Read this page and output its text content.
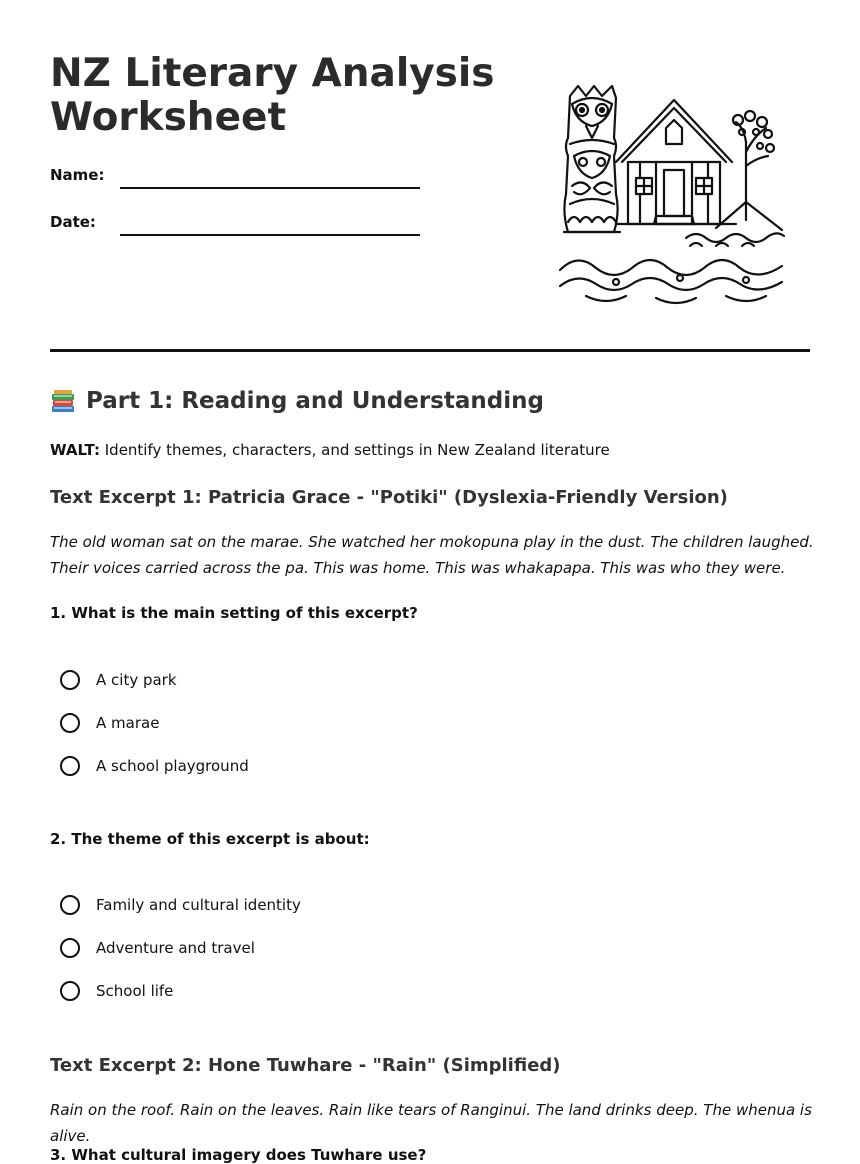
NZ Literary Analysis Worksheet
Name:
Date:
Part 1: Reading and Understanding
WALT: Identify themes, characters, and settings in New Zealand literature
Text Excerpt 1: Patricia Grace - "Potiki" (Dyslexia-Friendly Version)

The old woman sat on the marae. She watched her mokopuna play in the dust. The children laughed. Their voices carried across the pa. This was home. This was whakapapa. This was who they were.

1. What is the main setting of this excerpt?
A city park
A marae
A school playground
2. The theme of this excerpt is about:
Family and cultural identity
Adventure and travel
School life
Text Excerpt 2: Hone Tuwhare - "Rain" (Simplified)

Rain on the roof. Rain on the leaves. Rain like tears of Ranginui. The land drinks deep. The whenua is alive.

3. What cultural imagery does Tuwhare use?
